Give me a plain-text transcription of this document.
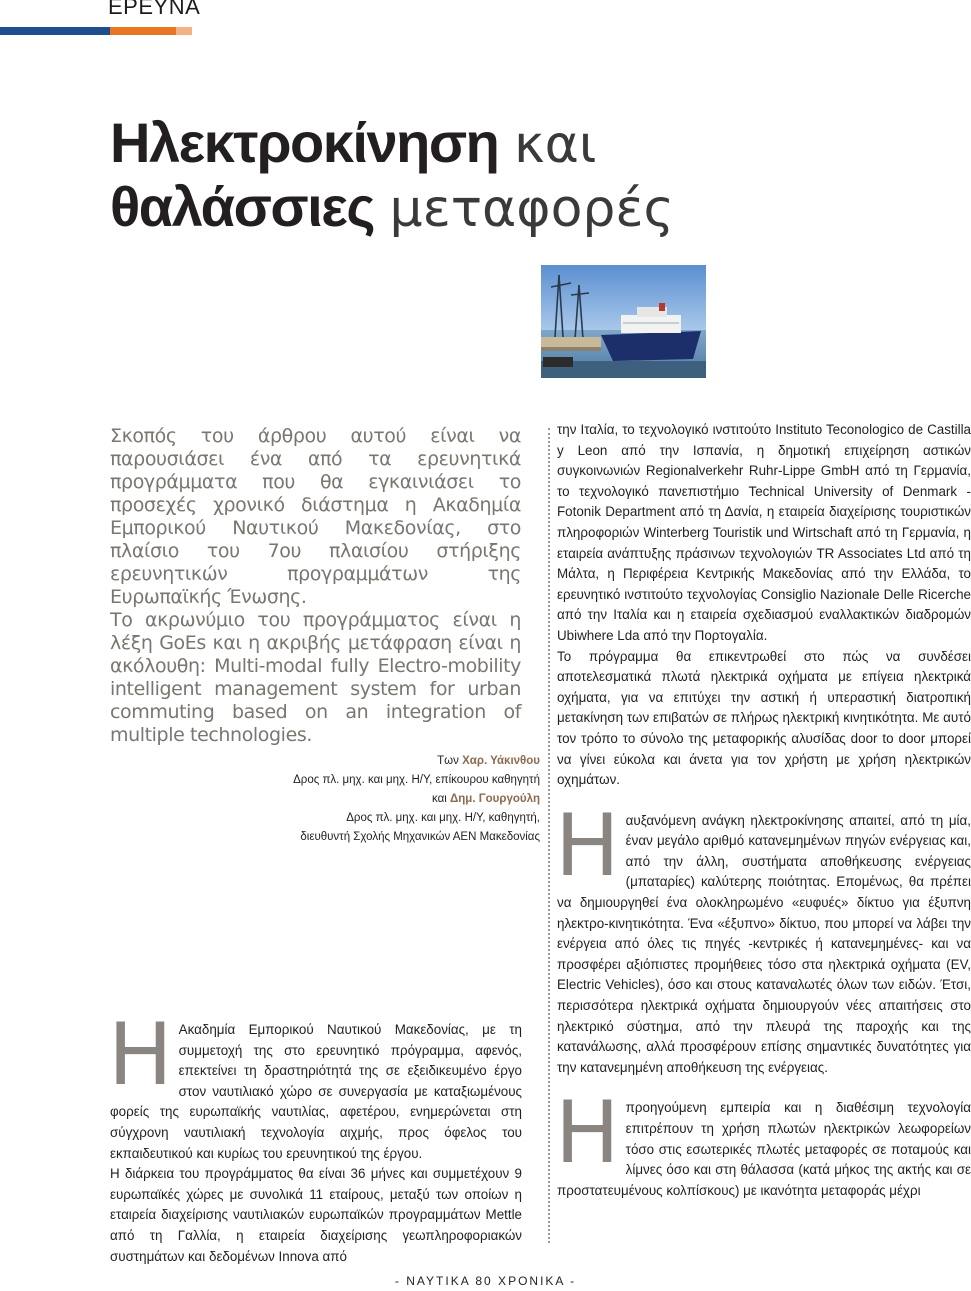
ΕΡΕΥΝΑ
Ηλεκτροκίνηση και
θαλάσσιες μεταφορές

Σκοπός του άρθρου αυτού είναι να παρουσιάσει ένα από τα ερευνητικά προγράμματα που θα εγκαινιάσει το προσεχές χρονικό διάστημα η Ακαδημία Εμπορικού Ναυτικού Μακεδονίας, στο πλαίσιο του 7ου πλαισίου στήριξης ερευνητικών προγραμμάτων της Ευρωπαϊκής Ένωσης.

Το ακρωνύμιο του προγράμματος είναι η λέξη GoEs και η ακριβής μετάφραση είναι η ακόλουθη: Multi-modal fully Electro-mobility intelligent management system for urban commuting based on an integration of multiple technologies.

Των Χαρ. Υάκινθου
Δρος πλ. μηχ. και μηχ. Η/Υ, επίκουρου καθηγητή
και Δημ. Γουργούλη
Δρος πλ. μηχ. και μηχ. Η/Υ, καθηγητή,
διευθυντή Σχολής Μηχανικών ΑΕΝ Μακεδονίας
Η Ακαδημία Εμπορικού Ναυτικού Μακεδονίας, με τη συμμετοχή της στο ερευνητικό πρόγραμμα, αφενός, επεκτείνει τη δραστηριότητά της σε εξειδικευμένο έργο στον ναυτιλιακό χώρο σε συνεργασία με καταξιωμένους φορείς της ευρωπαϊκής ναυτιλίας, αφετέρου, ενημερώνεται στη σύγχρονη ναυτιλιακή τεχνολογία αιχμής, προς όφελος του εκπαιδευτικού και κυρίως του ερευνητικού της έργου.

Η διάρκεια του προγράμματος θα είναι 36 μήνες και συμμετέχουν 9 ευρωπαϊκές χώρες με συνολικά 11 εταίρους, μεταξύ των οποίων η εταιρεία διαχείρισης ναυτιλιακών ευρωπαϊκών προγραμμάτων Mettle από τη Γαλλία, η εταιρεία διαχείρισης γεωπληροφοριακών συστημάτων και δεδομένων Innova από

την Ιταλία, το τεχνολογικό ινστιτούτο Instituto Teconologico de Castilla y Leon από την Ισπανία, η δημοτική επιχείρηση αστικών συγκοινωνιών Regionalverkehr Ruhr-Lippe GmbH από τη Γερμανία, το τεχνολογικό πανεπιστήμιο Technical University of Denmark - Fotonik Department από τη Δανία, η εταιρεία διαχείρισης τουριστικών πληροφοριών Winterberg Touristik und Wirtschaft από τη Γερμανία, η εταιρεία ανάπτυξης πράσινων τεχνολογιών TR Associates Ltd από τη Μάλτα, η Περιφέρεια Κεντρικής Μακεδονίας από την Ελλάδα, το ερευνητικό ινστιτούτο τεχνολογίας Consiglio Nazionale Delle Ricerche από την Ιταλία και η εταιρεία σχεδιασμού εναλλακτικών διαδρομών Ubiwhere Lda από την Πορτογαλία.

Το πρόγραμμα θα επικεντρωθεί στο πώς να συνδέσει αποτελεσματικά πλωτά ηλεκτρικά οχήματα με επίγεια ηλεκτρικά οχήματα, για να επιτύχει την αστική ή υπεραστική διατροπική μετακίνηση των επιβατών σε πλήρως ηλεκτρική κινητικότητα. Με αυτό τον τρόπο το σύνολο της μεταφορικής αλυσίδας door to door μπορεί να γίνει εύκολα και άνετα για τον χρήστη με χρήση ηλεκτρικών οχημάτων.

Η αυξανόμενη ανάγκη ηλεκτροκίνησης απαιτεί, από τη μία, έναν μεγάλο αριθμό κατανεμημένων πηγών ενέργειας και, από την άλλη, συστήματα αποθήκευσης ενέργειας (μπαταρίες) καλύτερης ποιότητας. Επομένως, θα πρέπει να δημιουργηθεί ένα ολοκληρωμένο «ευφυές» δίκτυο για έξυπνη ηλεκτρο-κινητικότητα. Ένα «έξυπνο» δίκτυο, που μπορεί να λάβει την ενέργεια από όλες τις πηγές -κεντρικές ή κατανεμημένες- και να προσφέρει αξιόπιστες προμήθειες τόσο στα ηλεκτρικά οχήματα (EV, Electric Vehicles), όσο και στους καταναλωτές όλων των ειδών. Έτσι, περισσότερα ηλεκτρικά οχήματα δημιουργούν νέες απαιτήσεις στο ηλεκτρικό σύστημα, από την πλευρά της παροχής και της κατανάλωσης, αλλά προσφέρουν επίσης σημαντικές δυνατότητες για την κατανεμημένη αποθήκευση της ενέργειας.

Η προηγούμενη εμπειρία και η διαθέσιμη τεχνολογία επιτρέπουν τη χρήση πλωτών ηλεκτρικών λεωφορείων τόσο στις εσωτερικές πλωτές μεταφορές σε ποταμούς και λίμνες όσο και στη θάλασσα (κατά μήκος της ακτής και σε προστατευμένους κολπίσκους) με ικανότητα μεταφοράς μέχρι

- ΝΑΥΤΙΚΑ 80 ΧΡΟΝΙΚΑ -
